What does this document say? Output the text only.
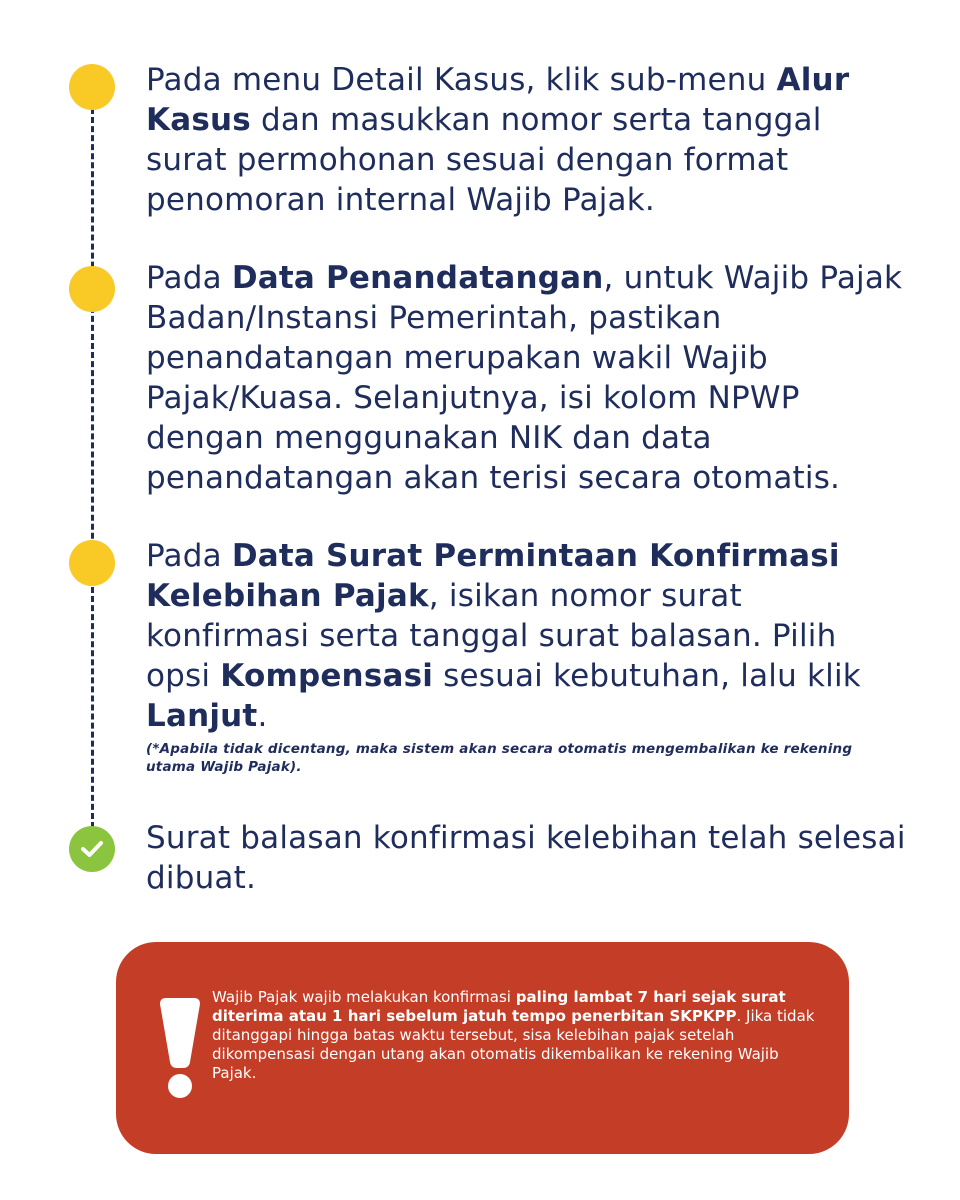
Pada menu Detail Kasus, klik sub-menu Alur Kasus dan masukkan nomor serta tanggal surat permohonan sesuai dengan format penomoran internal Wajib Pajak.
Pada Data Penandatangan, untuk Wajib Pajak Badan/Instansi Pemerintah, pastikan penandatangan merupakan wakil Wajib Pajak/Kuasa. Selanjutnya, isi kolom NPWP dengan menggunakan NIK dan data penandatangan akan terisi secara otomatis.
Pada Data Surat Permintaan Konfirmasi Kelebihan Pajak, isikan nomor surat konfirmasi serta tanggal surat balasan. Pilih opsi Kompensasi sesuai kebutuhan, lalu klik Lanjut.
(*Apabila tidak dicentang, maka sistem akan secara otomatis mengembalikan ke rekening utama Wajib Pajak).
Surat balasan konfirmasi kelebihan telah selesai dibuat.
Wajib Pajak wajib melakukan konfirmasi paling lambat 7 hari sejak surat diterima atau 1 hari sebelum jatuh tempo penerbitan SKPKPP. Jika tidak ditanggapi hingga batas waktu tersebut, sisa kelebihan pajak setelah dikompensasi dengan utang akan otomatis dikembalikan ke rekening Wajib Pajak.
